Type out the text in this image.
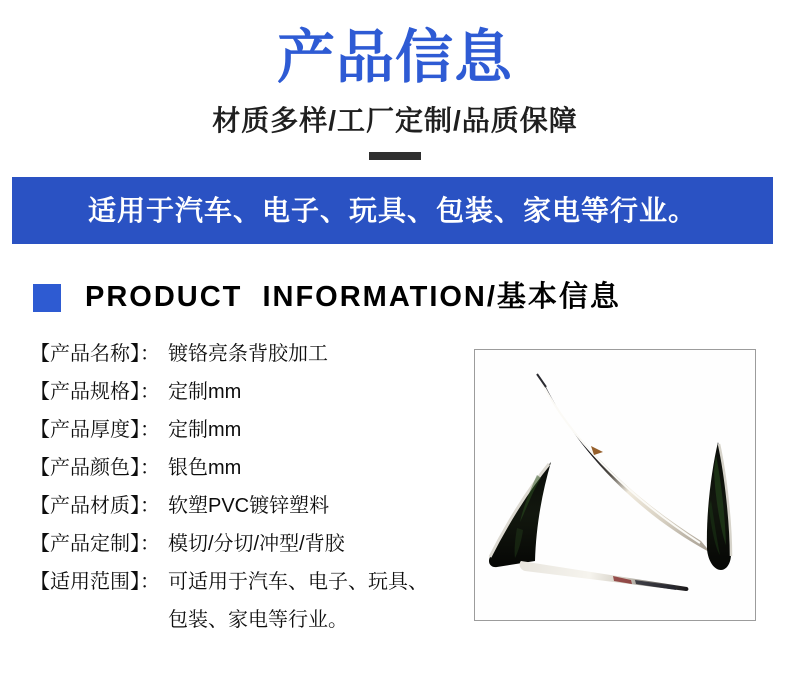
产品信息
材质多样/工厂定制/品质保障
适用于汽车、电子、玩具、包装、家电等行业。
PRODUCT INFORMATION/基本信息
【产品名称】： 镀铬亮条背胶加工
【产品规格】： 定制mm
【产品厚度】： 定制mm
【产品颜色】： 银色mm
【产品材质】： 软塑PVC镀锌塑料
【产品定制】： 模切/分切/冲型/背胶
【适用范围】： 可适用于汽车、电子、玩具、
包装、家电等行业。
